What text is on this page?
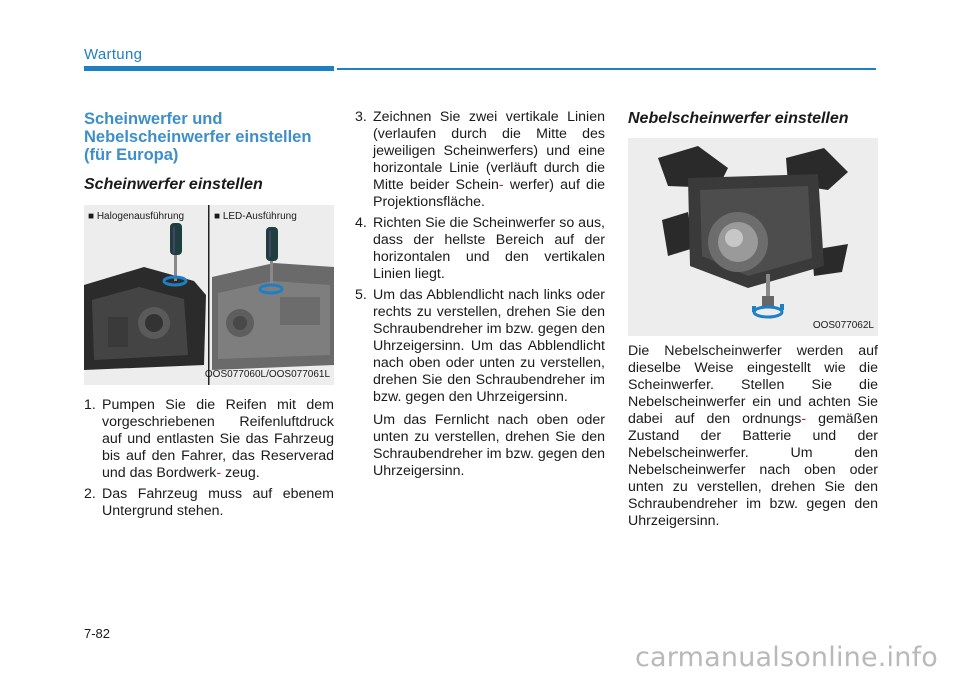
Wartung
Scheinwerfer und Nebelscheinwerfer einstellen (für Europa)
Scheinwerfer einstellen
■ Halogenausführung	■ LED-Ausführung
OOS077060L/OOS077061L
1. Pumpen Sie die Reifen mit dem vorgeschriebenen Reifenluftdruck auf und entlasten Sie das Fahrzeug bis auf den Fahrer, das Reserverad und das Bordwerk- zeug.
2. Das Fahrzeug muss auf ebenem Untergrund stehen.
3. Zeichnen Sie zwei vertikale Linien (verlaufen durch die Mitte des jeweiligen Scheinwerfers) und eine horizontale Linie (verläuft durch die Mitte beider Schein- werfer) auf die Projektionsfläche.
4. Richten Sie die Scheinwerfer so aus, dass der hellste Bereich auf der horizontalen und den vertikalen Linien liegt.
5. Um das Abblendlicht nach links oder rechts zu verstellen, drehen Sie den Schraubendreher im bzw. gegen den Uhrzeigersinn. Um das Abblendlicht nach oben oder unten zu verstellen, drehen Sie den Schraubendreher im bzw. gegen den Uhrzeigersinn.

Um das Fernlicht nach oben oder unten zu verstellen, drehen Sie den Schraubendreher im bzw. gegen den Uhrzeigersinn.

Nebelscheinwerfer einstellen
OOS077062L

Die Nebelscheinwerfer werden auf dieselbe Weise eingestellt wie die Scheinwerfer. Stellen Sie die Nebelscheinwerfer ein und achten Sie dabei auf den ordnungs- gemäßen Zustand der Batterie und der Nebelscheinwerfer. Um den Nebelscheinwerfer nach oben oder unten zu verstellen, drehen Sie den Schraubendreher im bzw. gegen den Uhrzeigersinn.

7-82
carmanualsonline.info
